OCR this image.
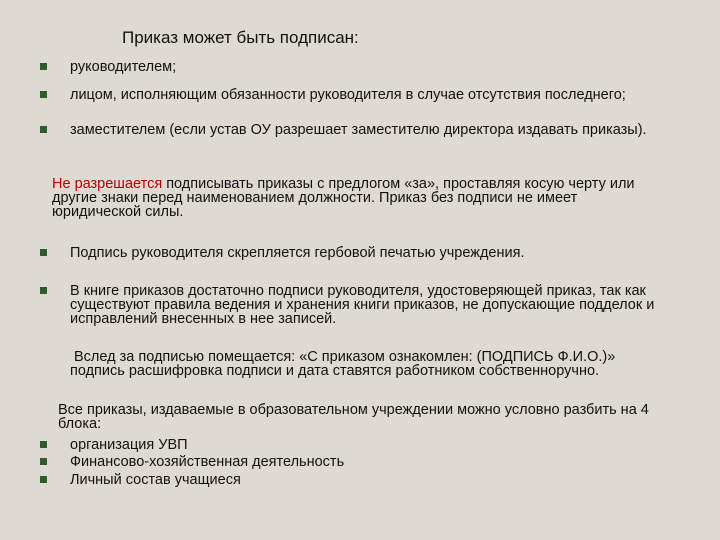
Приказ может быть подписан:
руководителем;
лицом, исполняющим обязанности руководителя в случае отсутствия последнего;
заместителем (если устав ОУ разрешает заместителю директора издавать приказы).
Не разрешается подписывать приказы с предлогом «за», проставляя косую черту или другие знаки перед наименованием должности. Приказ без подписи не имеет юридической силы.
Подпись руководителя скрепляется гербовой печатью учреждения.
В книге приказов достаточно подписи руководителя, удостоверяющей приказ, так как существуют правила ведения и хранения книги приказов, не допускающие подделок и исправлений внесенных в нее записей.
Вслед за подписью помещается: «С приказом ознакомлен: (ПОДПИСЬ Ф.И.О.)» подпись расшифровка подписи и дата ставятся работником собственноручно.
Все приказы, издаваемые в образовательном учреждении можно условно разбить на 4 блока:
организация УВП
Финансово-хозяйственная деятельность
Личный состав учащиеся
